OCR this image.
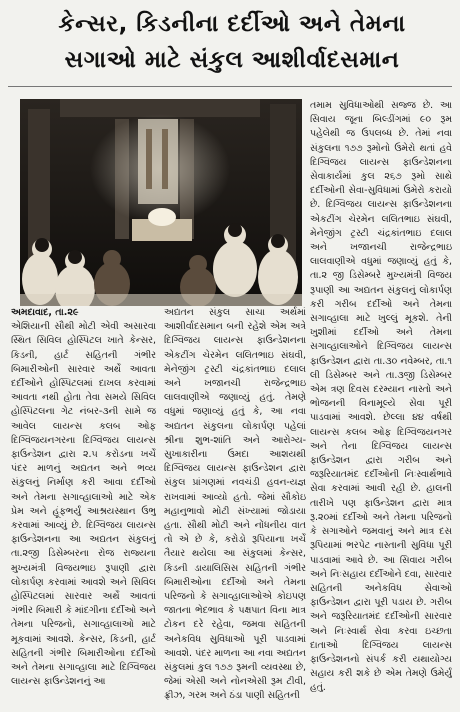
કેન્સર, કિડનીના દર્દીઓ અને તેમના
સગાઓ માટે સંકુલ આશીર્વાદસમાન

અમદાવાદ, તા.૨૯
એશિયાની સૌથી મોટી એવી અસારવા સ્થિત સિવિલ હોસ્પિટલ ખાતે કેન્સર, કિડની, હાર્ટ સહિતની ગંભીર બિમારીઓની સારવાર અર્થે આવતા દર્દીઓને હોસ્પિટલમાં દાખલ કરવામાં આવતા નથી હોતા તેવા સમયે સિવિલ હોસ્પિટલના ગેટ નંબર-૩ની સામે જ આવેલ લાયન્સ કલબ ઓફ દિગ્વિજયનગરના દિગ્વિજય લાયન્સ ફાઉન્ડેશન દ્વારા ૨.૫ કરોડના ખર્ચે પંદર માળનું અદ્યતન અને ભવ્ય સંકુલનું નિર્માણ કરી આવા દર્દીઓ અને તેમના સગાવ્હાલાઓ માટે એક પ્રેમ અને હૂંફભર્યું આશ્રયસ્થાન ઉભુ કરવામાં આવ્યું છે. દિગ્વિજય લાયન્સ ફાઉન્ડેશનના આ અદ્યતન સંકુલનું તા.૨જી ડિસેમ્બરના રોજ રાજ્યના મુખ્યમંત્રી વિજયભાઇ રૂપાણી દ્વારા લોકાર્પણ કરવામાં આવશે અને સિવિલ હોસ્પિટલમાં સારવાર અર્થે આવતાં ગંભીર બિમારી કે માંદગીના દર્દીઓ અને તેમના પરિજનો, સગાવ્હાલાઓ માટે મૂકવામાં આવશે. કેન્સર, કિડની, હાર્ટ સહિતની ગંભીર બિમારીઓના દર્દીઓ અને તેમના સગાવ્હાલા માટે દિગ્વિજય લાયન્સ ફાઉન્ડેશનનું આ

અદ્યતન સંકુલ સાચા અર્થમાં આશીર્વાદસમાન બની રહેશે એમ અત્રે દિગ્વિજય લાયન્સ ફાઉન્ડેશનના એકટીંગ ચેરમેન લલિતભાઇ સંઘવી, મેનેજીંગ ટ્રસ્ટી ચંદ્રકાંતભાઇ દલાલ અને ખજાનચી રાજેન્દ્રભાઇ લાલવાણીએ જણાવ્યું હતું. તેમણે વધુમાં જણાવ્યું હતું કે, આ નવા અદ્યતન સંકુલના લોકાર્પણ પહેલાં શ્રીના શુભ-શાંતિ અને આરોગ્ય-સુખાકારીના ઉમદા આશયથી દિગ્વિજય લાયન્સ ફાઉન્ડેશન દ્વારા સંકુલ પ્રાંગણમાં નવચંડી હવન-યજ્ઞ રાખવામાં આવ્યો હતો. જેમાં સૌકોઇ મહાનુભાવો મોટી સંખ્યામાં જોડાયા હતા. સૌથી મોટી અને નોંધનીય વાત તો એ છે કે, કરોડો રૂપિયાના ખર્ચે તૈયાર થયેલા આ સંકુલમાં કેન્સર, કિડની ડાયાલિસિસ સહિતની ગંભીર બિમારીઓના દર્દીઓ અને તેમના પરિજનો કે સગાવ્હાલાઓએ કોઇપણ જાતના ભેદભાવ કે પક્ષપાત વિના માત્ર ટોકન દરે રહેવા, જમવા સહિતની અનેકવિધ સુવિધાઓ પૂરી પાડવામાં આવશે. પંદર માળના આ નવા અદ્યતન સંકુલમાં કુલ ૧૭૭ રૂમની વ્યવસ્થા છે, જેમાં એસી અને નોનએસી રૂમ ટીવી, ફ્રીઝ, ગરમ અને ઠંડા પાણી સહિતની

તમામ સુવિધાઓથી સજ્જ છે. આ સિવાય જૂના બિલ્ડીંગમાં ૯૦ રૂમ પહેલેથી જ ઉપલબ્ધ છે. તેમાં નવા સંકુલના ૧૭૭ રૂમોનો ઉમેરો થતાં હવે દિગ્વિજય લાયન્સ ફાઉન્ડેશનના સેવાકાર્યમાં કુલ ૨૬૭ રૂમો સાથે દર્દીઓની સેવા-સુવિધામાં ઉમેરો કરાયો છે. દિગ્વિજય લાયન્સ ફાઉન્ડેશનના એકટીંગ ચેરમેન લલિતભાઇ સંઘવી, મેનેજીંગ ટ્રસ્ટી ચંદ્રકાંતભાઇ દલાલ અને ખજાનચી રાજેન્દ્રભાઇ લાલવાણીએ વધુમાં જણાવ્યું હતું કે, તા.૨ જી ડિસેમ્બરે મુખ્યમંત્રી વિજય રૂપાણી આ અદ્યતન સંકુલનું લોકાર્પણ કરી ગરીબ દર્દીઓ અને તેમના સગાવ્હાલા માટે ખુલ્લું મૂકશે. તેની ખુશીમાં દર્દીઓ અને તેમના સગાવ્હાલાઓને દિગ્વિજય લાયન્સ ફાઉન્ડેશન દ્વારા તા.૩૦ નવેમ્બર, તા.૧ લી ડિસેમ્બર અને તા.૩જી ડિસેમ્બર એમ ત્રણ દિવસ દરમ્યાન નાસ્તો અને ભોજનની વિનામૂલ્યે સેવા પૂરી પાડવામાં આવશે. છેલ્લા ૪૪ વર્ષથી લાયન્સ કલબ ઓફ દિગ્વિજયનગર અને તેના દિગ્વિજય લાયન્સ ફાઉન્ડેશન દ્વારા ગરીબ અને જરૂરિયાતમંદ દર્દીઓની નિઃસ્વાર્થભાવે સેવા કરવામાં આવી રહી છે. હાલની તારીખે પણ ફાઉન્ડેશન દ્વારા માત્ર રૂ.૨૦માં દર્દીઓ અને તેમના પરિજનો કે સગાઓને જમવાનું અને માત્ર દસ રૂપિયામાં ભરપેટ નાસ્તાની સુવિધા પૂરી પાડવામાં આવે છે. આ સિવાય ગરીબ અને નિઃસહાય દર્દીઓને દવા, સારવાર સહિતની અનેકવિધ સેવાઓ ફાઉન્ડેશન દ્વારા પૂરી પડાય છે. ગરીબ અને જરૂરિયાતમંદ દર્દીઓની સારવાર અને નિઃસ્વાર્થ સેવા કરવા ઇચ્છતા દાતાઓ દિગ્વિજય લાયન્સ ફાઉન્ડેશનનો સંપર્ક કરી યથાયોગ્ય સહાય કરી શકે છે એમ તેમણે ઉમેર્યું હતું.
